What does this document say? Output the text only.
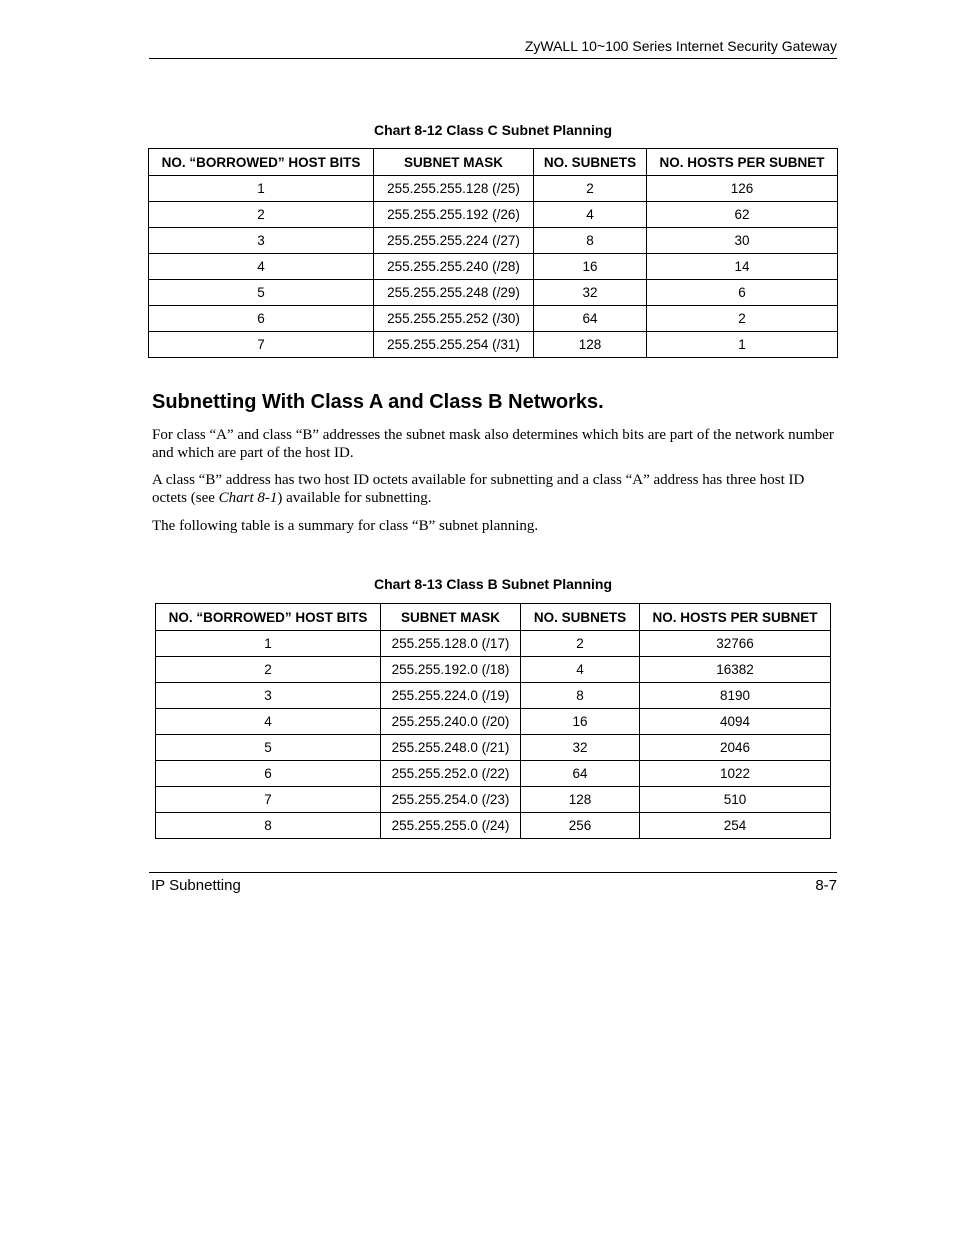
ZyWALL 10~100 Series Internet Security Gateway
Chart 8-12 Class C Subnet Planning
NO. “BORROWED” HOST BITS	SUBNET MASK	NO. SUBNETS	NO. HOSTS PER SUBNET
1	255.255.255.128 (/25)	2	126
2	255.255.255.192 (/26)	4	62
3	255.255.255.224 (/27)	8	30
4	255.255.255.240 (/28)	16	14
5	255.255.255.248 (/29)	32	6
6	255.255.255.252 (/30)	64	2
7	255.255.255.254 (/31)	128	1
Subnetting With Class A and Class B Networks.

For class “A” and class “B” addresses the subnet mask also determines which bits are part of the network number and which are part of the host ID.

A class “B” address has two host ID octets available for subnetting and a class “A” address has three host ID octets (see Chart 8-1) available for subnetting.

The following table is a summary for class “B” subnet planning.

Chart 8-13 Class B Subnet Planning
NO. “BORROWED” HOST BITS	SUBNET MASK	NO. SUBNETS	NO. HOSTS PER SUBNET
1	255.255.128.0 (/17)	2	32766
2	255.255.192.0 (/18)	4	16382
3	255.255.224.0 (/19)	8	8190
4	255.255.240.0 (/20)	16	4094
5	255.255.248.0 (/21)	32	2046
6	255.255.252.0 (/22)	64	1022
7	255.255.254.0 (/23)	128	510
8	255.255.255.0 (/24)	256	254
IP Subnetting	8-7
